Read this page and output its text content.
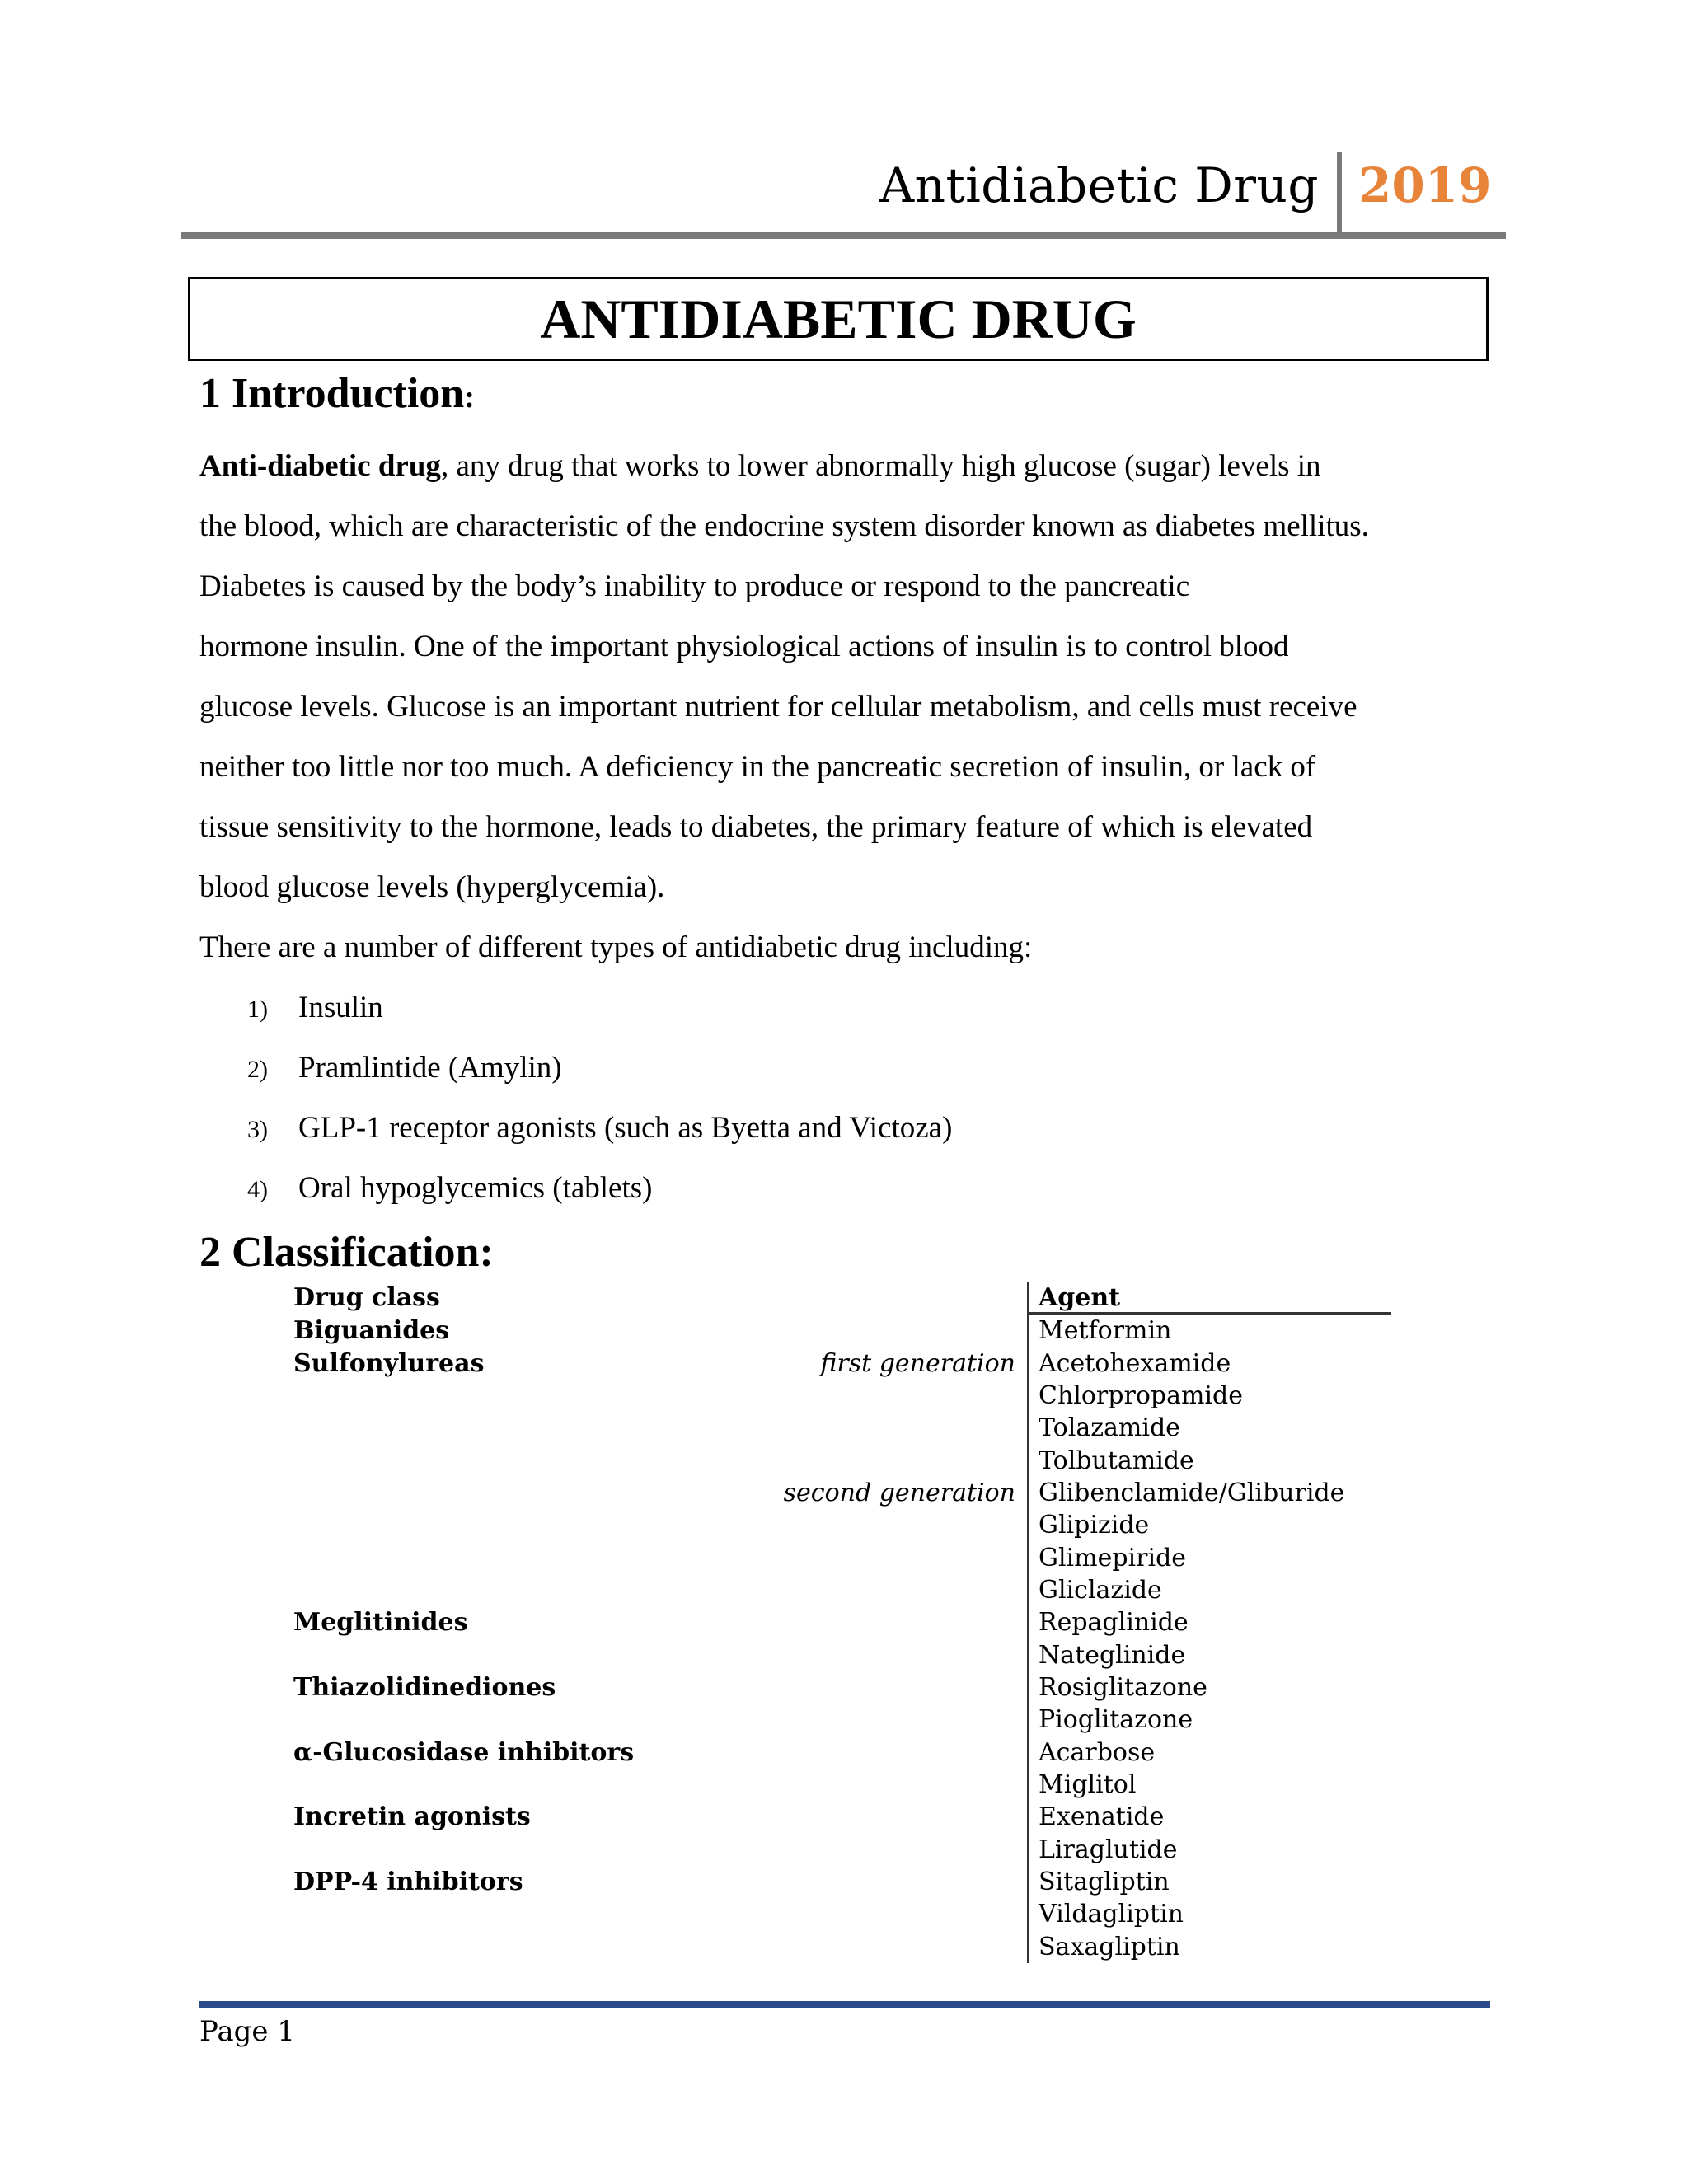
Antidiabetic Drug 2019
ANTIDIABETIC DRUG
1 Introduction:
Anti-diabetic drug, any drug that works to lower abnormally high glucose (sugar) levels in
the blood, which are characteristic of the endocrine system disorder known as diabetes mellitus.
Diabetes is caused by the body’s inability to produce or respond to the pancreatic
hormone insulin. One of the important physiological actions of insulin is to control blood
glucose levels. Glucose is an important nutrient for cellular metabolism, and cells must receive
neither too little nor too much. A deficiency in the pancreatic secretion of insulin, or lack of
tissue sensitivity to the hormone, leads to diabetes, the primary feature of which is elevated
blood glucose levels (hyperglycemia).
There are a number of different types of antidiabetic drug including:
1) Insulin
2) Pramlintide (Amylin)
3) GLP-1 receptor agonists (such as Byetta and Victoza)
4) Oral hypoglycemics (tablets)
2 Classification:
Drug class	Agent
Biguanides
Sulfonylureas
Meglitinides
Thiazolidinediones
α-Glucosidase inhibitors
Incretin agonists
DPP-4 inhibitors
first generation
second generation
Metformin
Acetohexamide
Chlorpropamide
Tolazamide
Tolbutamide
Glibenclamide/Gliburide
Glipizide
Glimepiride
Gliclazide
Repaglinide
Nateglinide
Rosiglitazone
Pioglitazone
Acarbose
Miglitol
Exenatide
Liraglutide
Sitagliptin
Vildagliptin
Saxagliptin
Page 1
